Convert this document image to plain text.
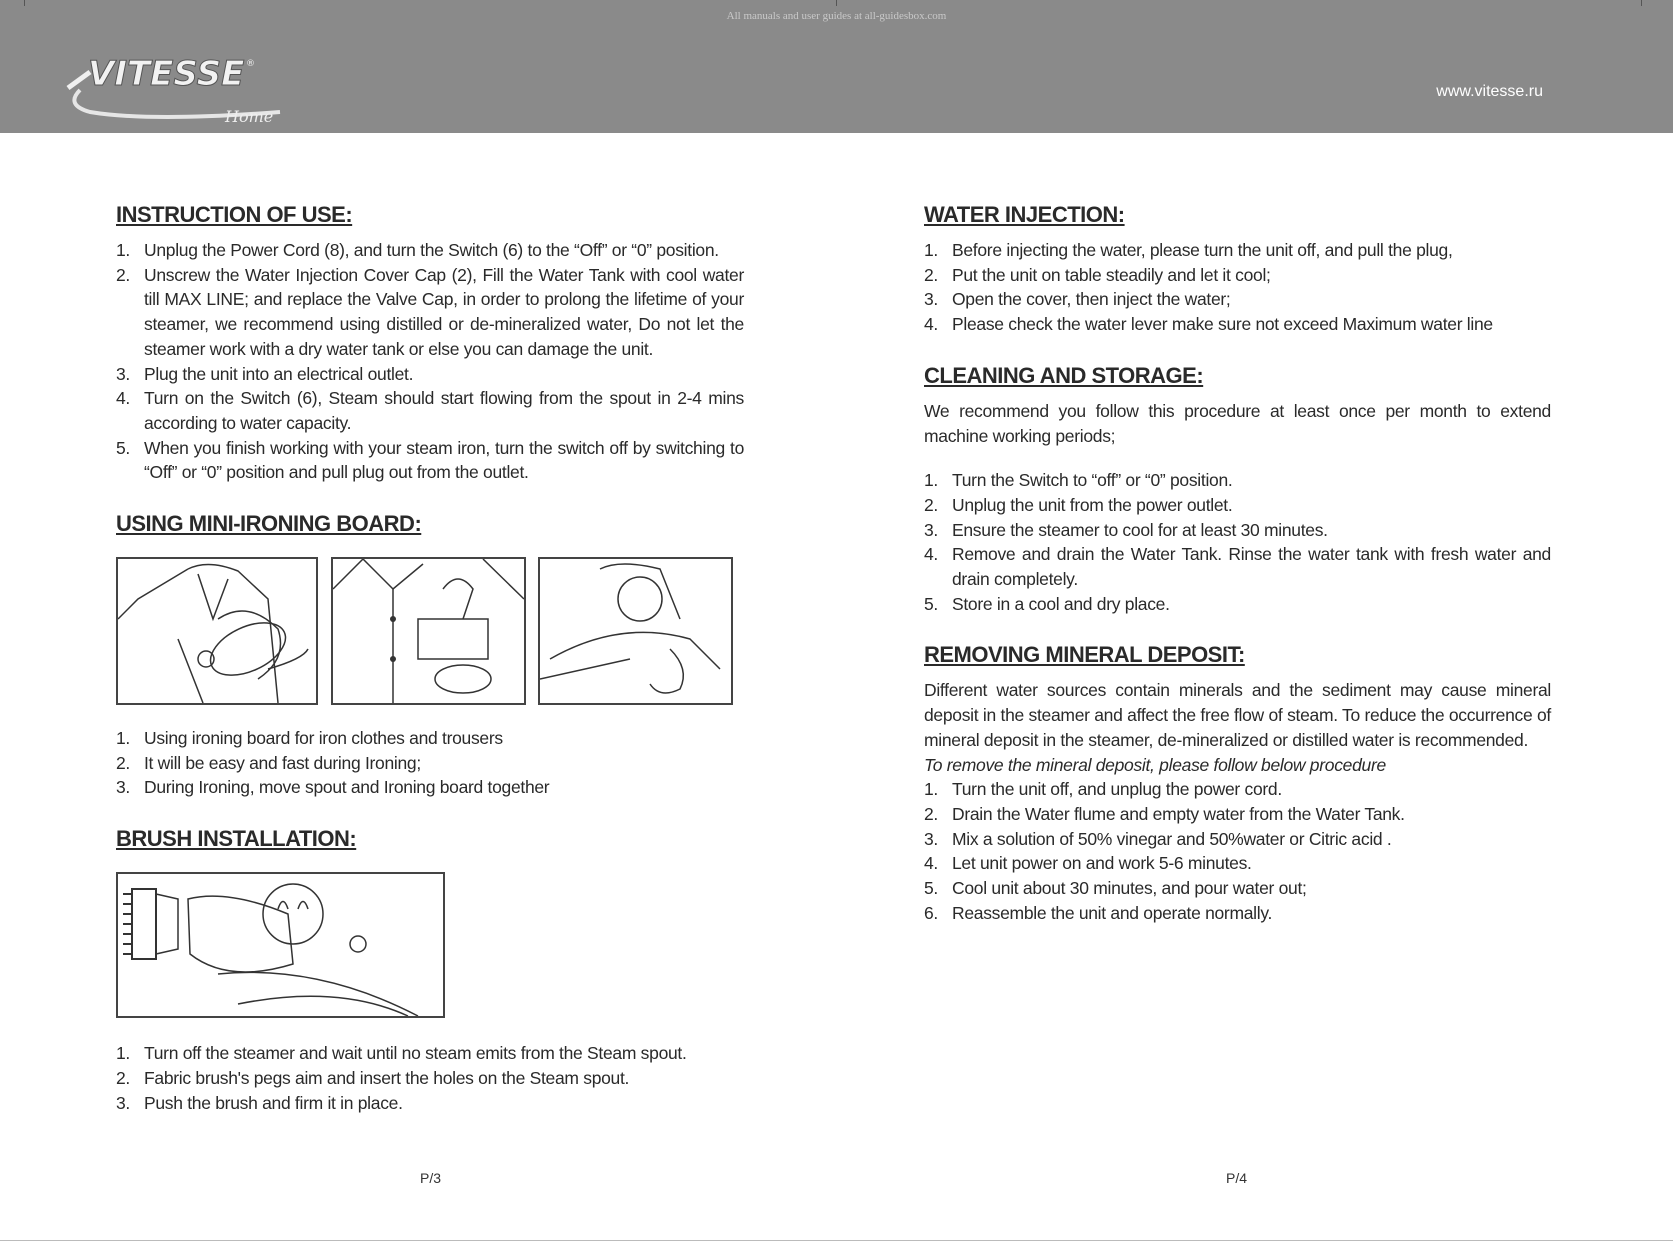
All manuals and user guides at all-guidesbox.com
VITESSE ®
Home
www.vitesse.ru
INSTRUCTION OF USE:
1. Unplug the Power Cord (8), and turn the Switch (6) to the “Off” or “0” position.
2. Unscrew the Water Injection Cover Cap (2), Fill the Water Tank with cool water till MAX LINE; and replace the Valve Cap, in order to prolong the lifetime of your steamer, we recommend using distilled or de-mineralized water, Do not let the steamer work with a dry water tank or else you can damage the unit.
3. Plug the unit into an electrical outlet.
4. Turn on the Switch (6), Steam should start flowing from the spout in 2-4 mins according to water capacity.
5. When you finish working with your steam iron, turn the switch off by switching to “Off” or “0” position and pull plug out from the outlet.
USING MINI-IRONING BOARD:
1. Using ironing board for iron clothes and trousers
2. It will be easy and fast during Ironing;
3. During Ironing, move spout and Ironing board together
BRUSH INSTALLATION:
1. Turn off the steamer and wait until no steam emits from the Steam spout.
2. Fabric brush's pegs aim and insert the holes on the Steam spout.
3. Push the brush and firm it in place.
P/3
WATER INJECTION:
1. Before injecting the water, please turn the unit off, and pull the plug,
2. Put the unit on table steadily and let it cool;
3. Open the cover, then inject the water;
4. Please check the water lever make sure not exceed Maximum water line
CLEANING AND STORAGE:

We recommend you follow this procedure at least once per month to extend machine working periods;

1. Turn the Switch to “off” or “0” position.
2. Unplug the unit from the power outlet.
3. Ensure the steamer to cool for at least 30 minutes.
4. Remove and drain the Water Tank. Rinse the water tank with fresh water and drain completely.
5. Store in a cool and dry place.
REMOVING MINERAL DEPOSIT:

Different water sources contain minerals and the sediment may cause mineral deposit in the steamer and affect the free flow of steam. To reduce the occurrence of mineral deposit in the steamer, de-mineralized or distilled water is recommended.

To remove the mineral deposit, please follow below procedure

1. Turn the unit off, and unplug the power cord.
2. Drain the Water flume and empty water from the Water Tank.
3. Mix a solution of 50% vinegar and 50%water or Citric acid .
4. Let unit power on and work 5-6 minutes.
5. Cool unit about 30 minutes, and pour water out;
6. Reassemble the unit and operate normally.
P/4
